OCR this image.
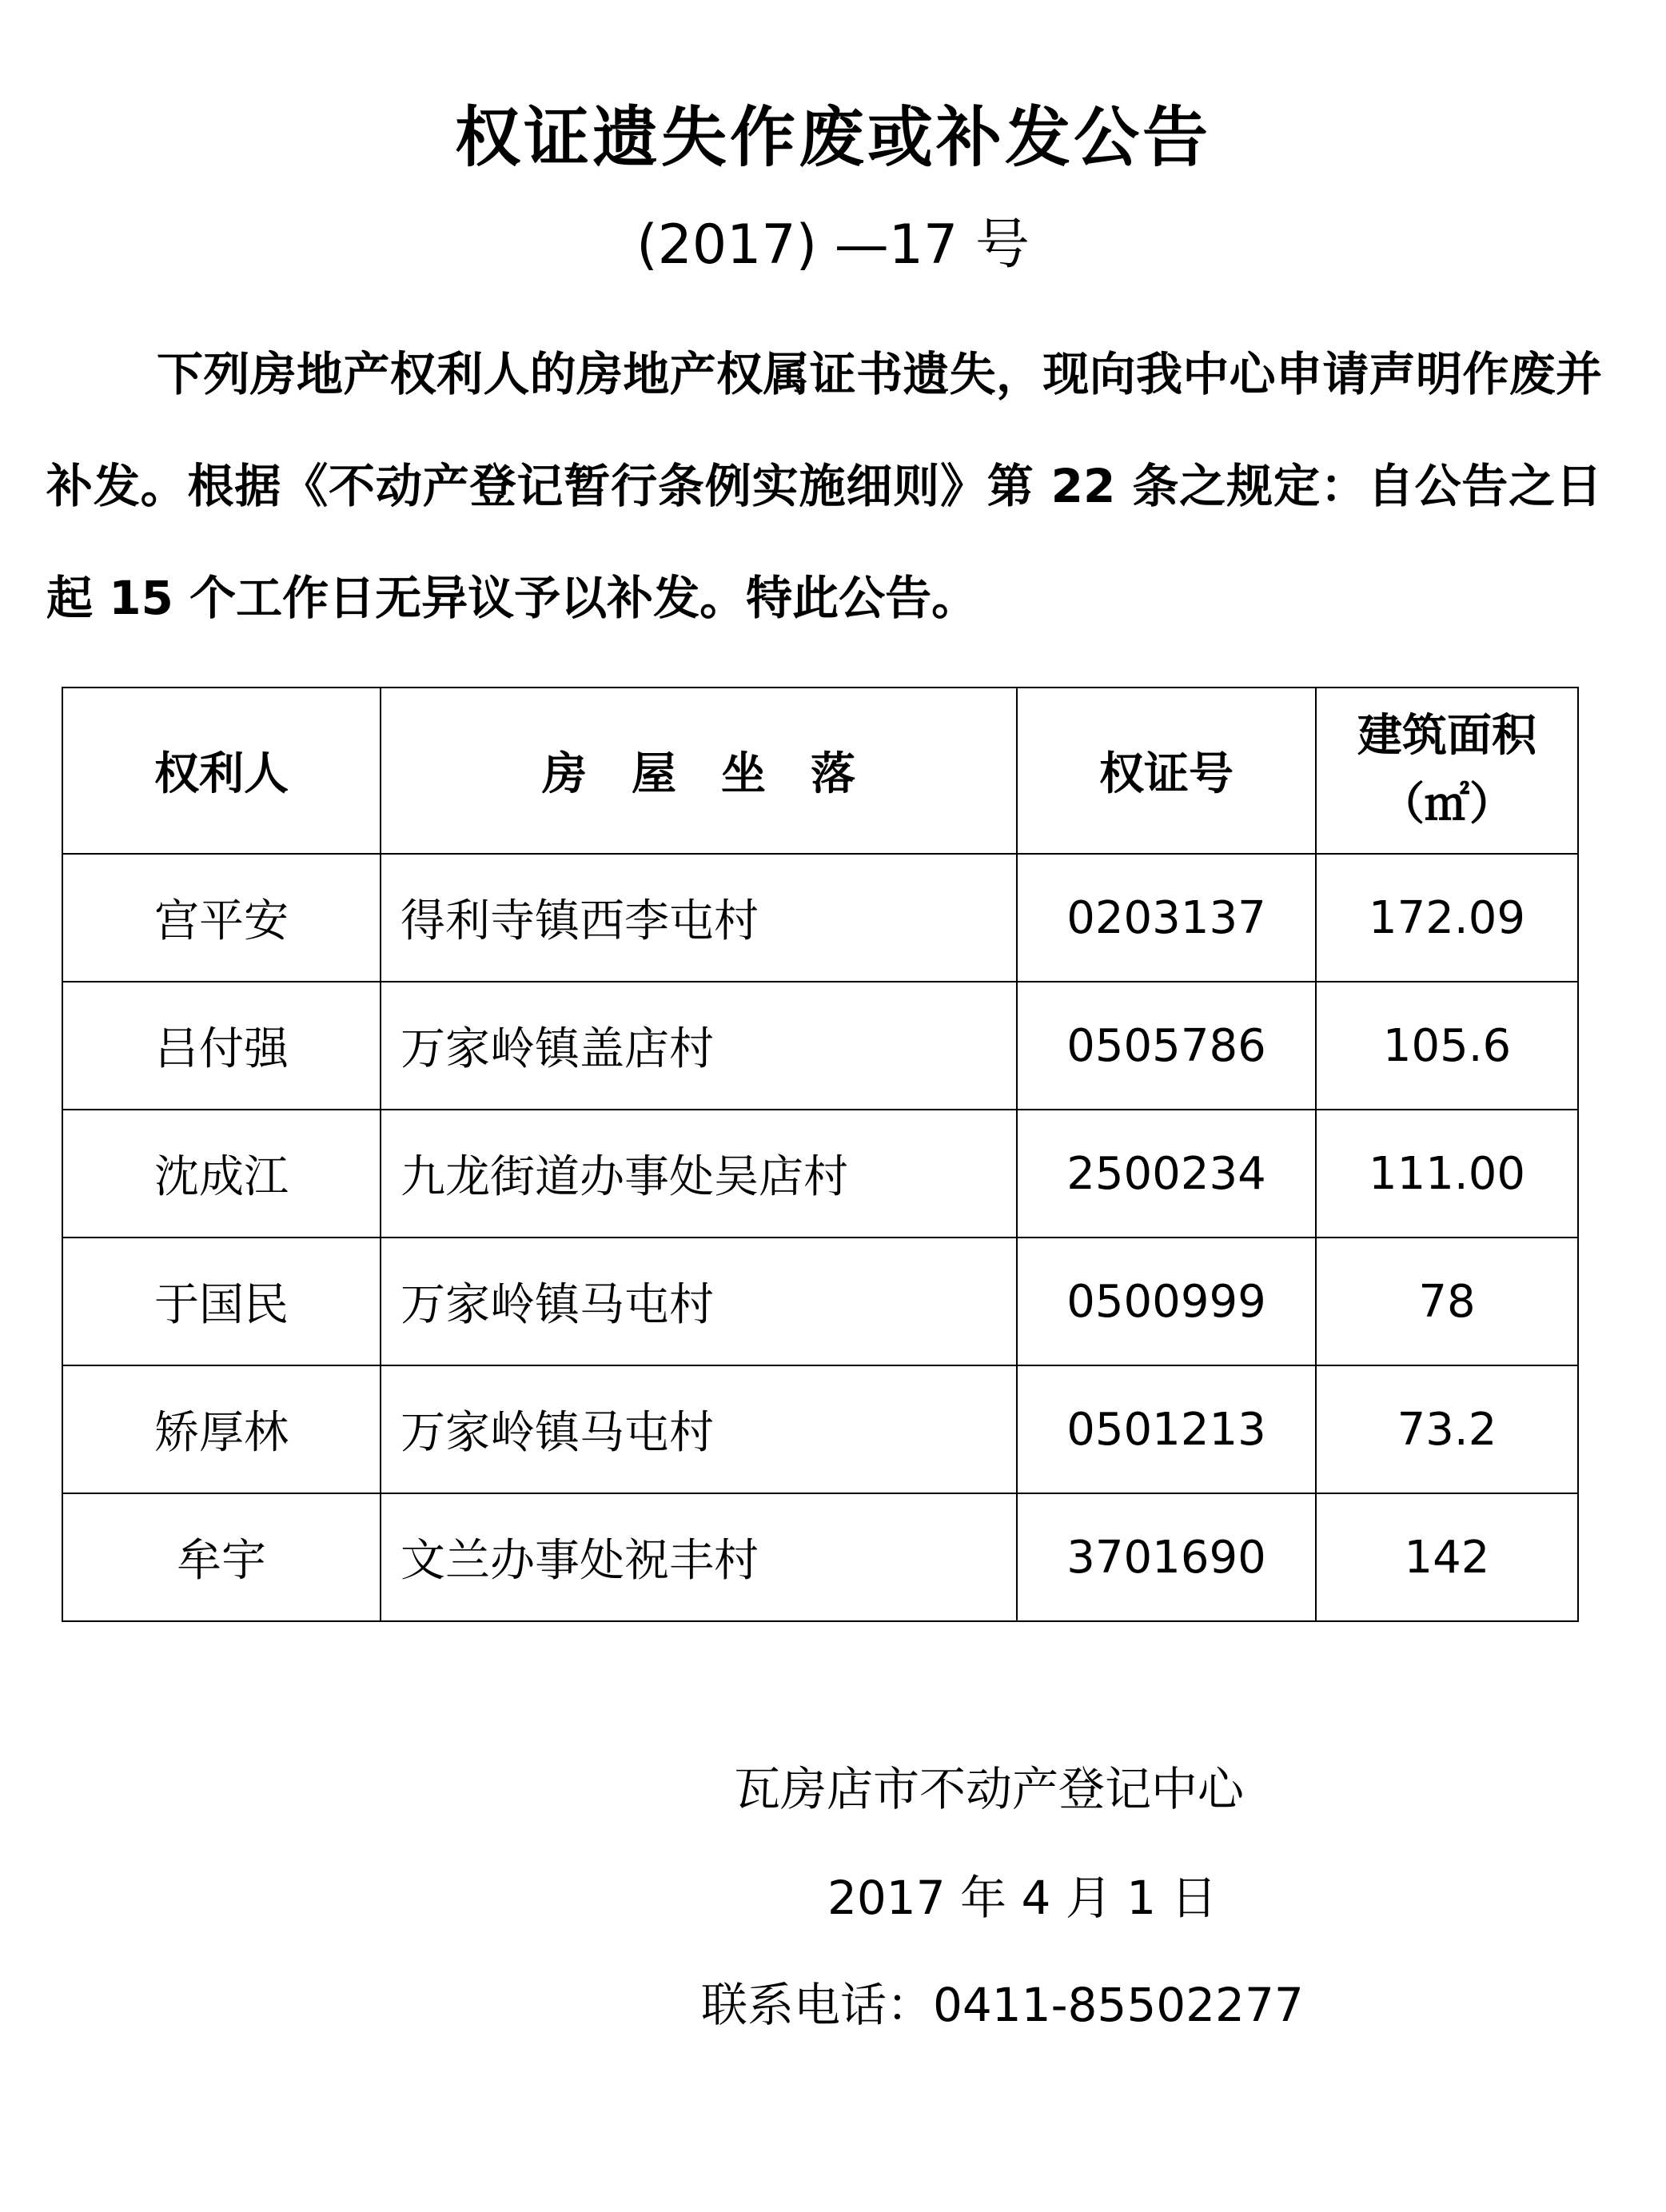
权证遗失作废或补发公告
(2017) —17 号

下列房地产权利人的房地产权属证书遗失，现向我中心申请声明作废并补发。根据《不动产登记暂行条例实施细则》第 22 条之规定：自公告之日起 15 个工作日无异议予以补发。特此公告。

权利人	房　屋　坐　落	权证号	建筑面积
（㎡）

宫平安	得利寺镇西李屯村	0203137	172.09
吕付强	万家岭镇盖店村	0505786	105.6
沈成江	九龙街道办事处吴店村	2500234	111.00
于国民	万家岭镇马屯村	0500999	78
矫厚林	万家岭镇马屯村	0501213	73.2
牟宇	文兰办事处祝丰村	3701690	142
瓦房店市不动产登记中心
2017 年 4 月 1 日
联系电话：0411-85502277
